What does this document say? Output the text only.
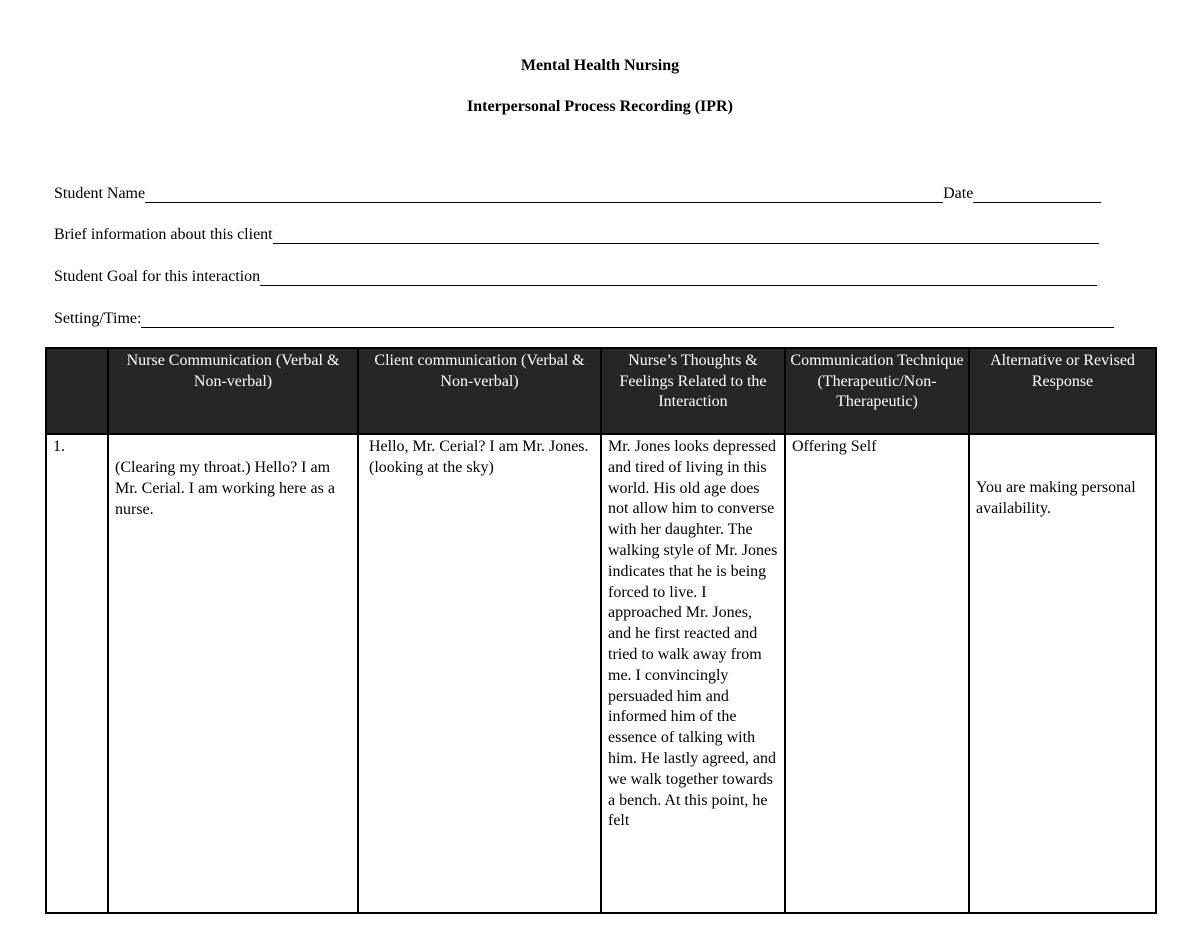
Mental Health Nursing
Interpersonal Process Recording (IPR)
Student Name	Date
Brief information about this client
Student Goal for this interaction
Setting/Time:
	Nurse Communication (Verbal & Non-verbal)	Client communication (Verbal & Non-verbal)	Nurse’s Thoughts & Feelings Related to the Interaction	Communication Technique (Therapeutic/Non-Therapeutic)	Alternative or Revised Response

1.	(Clearing my throat.) Hello? I am Mr. Cerial. I am working here as a nurse.	Hello, Mr. Cerial? I am Mr. Jones. (looking at the sky)	Mr. Jones looks depressed and tired of living in this world. His old age does not allow him to converse with her daughter. The walking style of Mr. Jones indicates that he is being forced to live. I approached Mr. Jones, and he first reacted and tried to walk away from me. I convincingly persuaded him and informed him of the essence of talking with him. He lastly agreed, and we walk together towards a bench. At this point, he felt	Offering Self	You are making personal availability.
